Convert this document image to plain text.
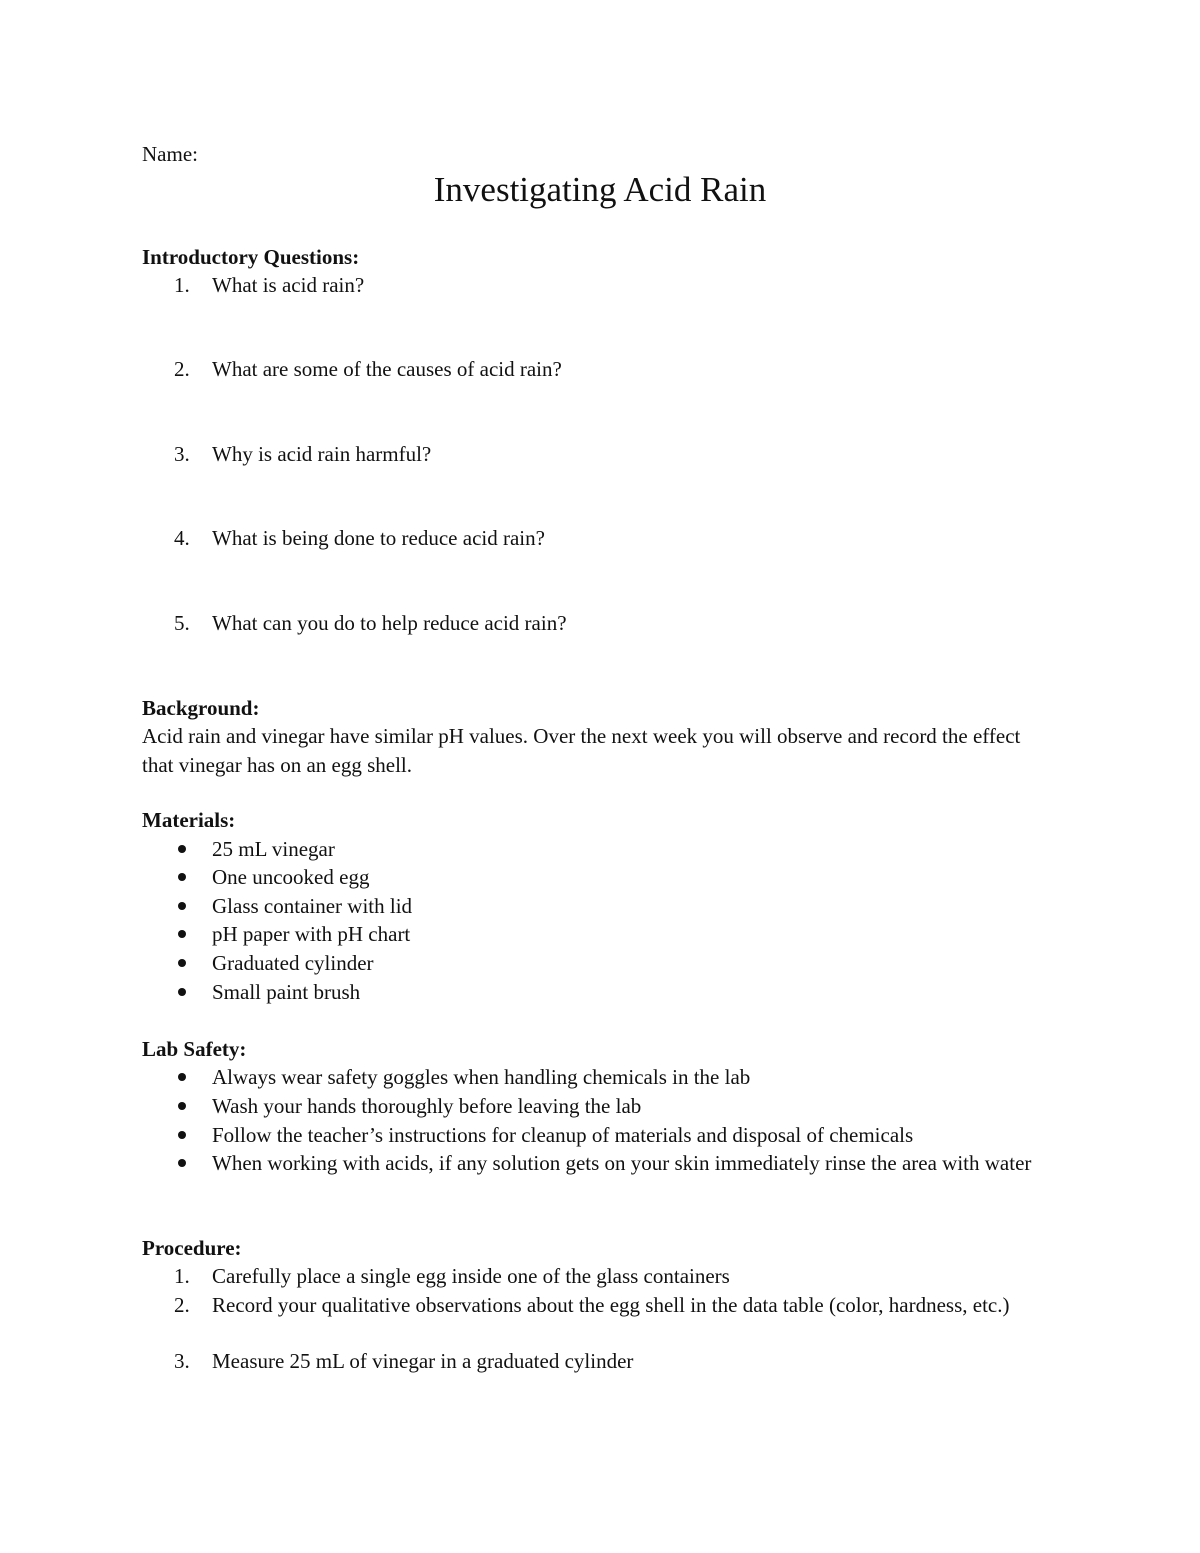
Name:
Investigating Acid Rain
Introductory Questions:
1.	What is acid rain?
2.	What are some of the causes of acid rain?
3.	Why is acid rain harmful?
4.	What is being done to reduce acid rain?
5.	What can you do to help reduce acid rain?
Background:
Acid rain and vinegar have similar pH values. Over the next week you will observe and record the effect that vinegar has on an egg shell.
Materials:
25 mL vinegar
One uncooked egg
Glass container with lid
pH paper with pH chart
Graduated cylinder
Small paint brush
Lab Safety:
Always wear safety goggles when handling chemicals in the lab
Wash your hands thoroughly before leaving the lab
Follow the teacher’s instructions for cleanup of materials and disposal of chemicals
When working with acids, if any solution gets on your skin immediately rinse the area with water
Procedure:
1.	Carefully place a single egg inside one of the glass containers
2.	Record your qualitative observations about the egg shell in the data table (color, hardness, etc.)
3.	Measure 25 mL of vinegar in a graduated cylinder
